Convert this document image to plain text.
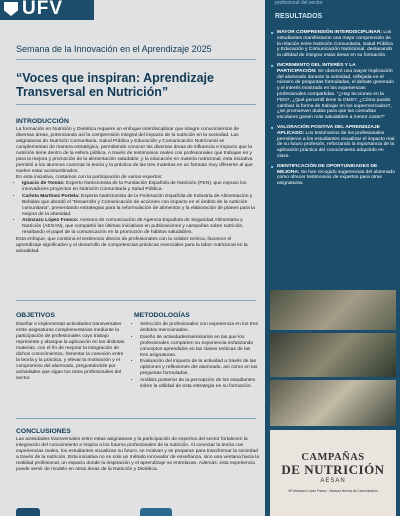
UFV
Semana de la Innovación en el Aprendizaje 2025
“Voces que inspiran: Aprendizaje Transversal en Nutrición”
INTRODUCCIÓN

La formación en Nutrición y Dietética requiere un enfoque interdisciplinar que integre conocimientos de diversas áreas, potenciando así la comprensión integral del impacto de la nutrición en la sociedad. Las asignaturas de Nutrición Comunitaria, Salud Pública y Educación y Comunicación Nutricional se complementan de manera estratégica, permitiendo conocer las diversas áreas de influencia e impacto que la nutrición tiene dentro de la esfera pública. A través de testimonios reales con profesionales que trabajan en y para la mejora y promoción de la alimentación saludable, y la educación en materia nutricional, esta iniciativa permitió a los alumnos conectar la teoría y la práctica de las tres materias en un formato muy diferente al que suelen estar acostumbrados.

En esta iniciativa, contamos con la participación de varios expertos:

• Ignacio de Tomás: Experto Nutricionista de la Fundación Española de Nutrición (FEN), que expuso los innovadores proyectos en Nutrición Comunitaria y Salud Pública.
• Carlota Martínez Portela: Experta Nutricionista de la Federación Española de Industria de Alimentación y Bebidas que abordó el “Desarrollo y Comunicación de acciones con impacto en el ámbito de la nutrición comunitaria”, presentando estrategias para la reformulación de alimentos y la elaboración de planes para la mejora de la obesidad.
• Aránzazu López Franco: Asesora de comunicación de Agencia Española de Seguridad Alimentaria y Nutrición (AESAN), que compartió las últimas iniciativas en publicaciones y campañas sobre nutrición, resaltando el papel de la comunicación en la promoción de hábitos saludables.

Esta enfoque, que combina el testimonio directo de profesionales con la solidez teórica, favorece el aprendizaje significativo y el desarrollo de competencias prácticas esenciales para la labor nutricional en la actualidad.

OBJETIVOS

Diseñar e implementar actividades transversales entre asignaturas complementarias mediante la participación de profesionales cuyo trabajo represente y abarque la aplicación en las distintas materias, con el fin de mejorar la integración de dichos conocimientos, fomentar la conexión entre la teoría y la práctica, y elevar la motivación y el compromiso del alumnado, preguntándole por actividades que sigan los retos profesionales del sector.

METODOLOGÍAS
• Selección de profesionales con experiencia en los tres ámbitos mencionados.
• Diseño de actividades/seminarios en las que los profesionales comparten su experiencia enfatizando conceptos aprendidos en las clases teóricas de las tres asignaturas.
• Evaluación del impacto de la actividad a través de las opiniones y reflexiones del alumnado, así como en las preguntas formuladas.
• Análisis posterior de la percepción de los estudiantes sobre la utilidad de esta estrategia en su formación.
CONCLUSIONES

Las actividades transversales entre estas asignaturas y la participación de expertos del sector fortalecen la integración del conocimiento e inspira a los futuros profesionales de la nutrición. Al conectar la teoría con experiencias reales, los estudiantes visualizan su futuro, se motivan y se preparan para transformar la sociedad a través de la nutrición. Esta iniciativa no es solo un método innovador de enseñanza, sino una ventana hacia la realidad profesional, un espacio donde la inspiración y el aprendizaje se entrelazan. Además, esta experiencia puede servir de modelo en otras áreas de la Nutrición y Dietética.

profesional del sector.
RESULTADOS
■ MAYOR COMPRENSIÓN INTERDISCIPLINAR: Los estudiantes manifestaron una mejor comprensión de la relación entre Nutrición Comunitaria, Salud Pública y Educación y Comunicación Nutricional, destacando la utilidad de integrar estas áreas en su formación.
■ INCREMENTO DEL INTERÉS Y LA PARTICIPACIÓN: Se observó una mayor implicación del alumnado durante la actividad, reflejada en el número de preguntas formuladas, el debate generado y el interés mostrado en las experiencias profesionales compartidas. “¿Hay lecciones en la FEN?, ¿Qué percentil tiene la OMS?, ¿Cómo puedo cambiar la forma de trabajar en los supermercados?, ¿se promueven dudas para que las consultas escolares ganen más saludables a menor coste?”
■ VALORACIÓN POSITIVA DEL APRENDIZAJE APLICADO: Los testimonios de los profesionales permitieron a los estudiantes visualizar el impacto real de su futuro profesión, reforzando la importancia de la aplicación práctica del conocimiento adquirido en clase.
■ IDENTIFICACIÓN DE OPORTUNIDADES DE MEJORA: Se han recogido sugerencias del alumnado como ofrecer testimonios de expertos para otras asignaturas.
CAMPAÑAS
DE NUTRICIÓN
AESAN
Mª Aránzazu López Franco · Asesora técnica de Comunicación
